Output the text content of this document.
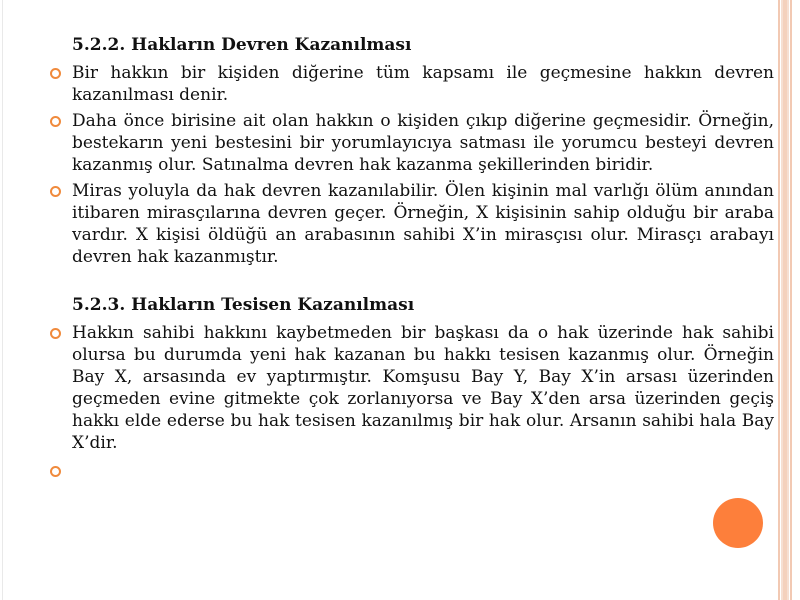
5.2.2. Hakların Devren Kazanılması
Bir hakkın bir kişiden diğerine tüm kapsamı ile geçmesine hakkın devren kazanılması denir.
Daha önce birisine ait olan hakkın o kişiden çıkıp diğerine geçmesidir. Örneğin, bestekarın yeni bestesini bir yorumlayıcıya satması ile yorumcu besteyi devren kazanmış olur. Satınalma devren hak kazanma şekillerinden biridir.
Miras yoluyla da hak devren kazanılabilir. Ölen kişinin mal varlığı ölüm anından itibaren mirasçılarına devren geçer. Örneğin, X kişisinin sahip olduğu bir araba vardır. X kişisi öldüğü an arabasının sahibi X’in mirasçısı olur. Mirasçı arabayı devren hak kazanmıştır.
5.2.3. Hakların Tesisen Kazanılması
Hakkın sahibi hakkını kaybetmeden bir başkası da o hak üzerinde hak sahibi olursa bu durumda yeni hak kazanan bu hakkı tesisen kazanmış olur. Örneğin Bay X, arsasında ev yaptırmıştır. Komşusu Bay Y, Bay X’in arsası üzerinden geçmeden evine gitmekte çok zorlanıyorsa ve Bay X’den arsa üzerinden geçiş hakkı elde ederse bu hak tesisen kazanılmış bir hak olur. Arsanın sahibi hala Bay X’dir.
